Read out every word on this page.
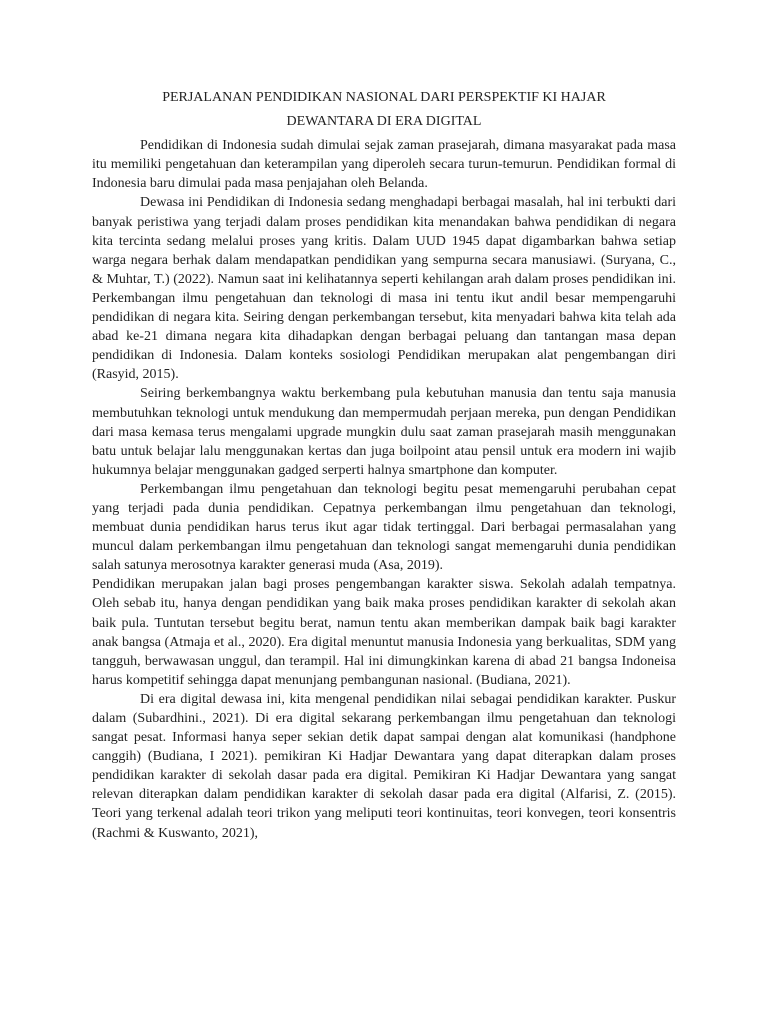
PERJALANAN PENDIDIKAN NASIONAL DARI PERSPEKTIF KI HAJAR
DEWANTARA DI ERA DIGITAL

Pendidikan di Indonesia sudah dimulai sejak zaman prasejarah, dimana masyarakat pada masa itu memiliki pengetahuan dan keterampilan yang diperoleh secara turun-temurun. Pendidikan formal di Indonesia baru dimulai pada masa penjajahan oleh Belanda.

Dewasa ini Pendidikan di Indonesia sedang menghadapi berbagai masalah, hal ini terbukti dari banyak peristiwa yang terjadi dalam proses pendidikan kita menandakan bahwa pendidikan di negara kita tercinta sedang melalui proses yang kritis. Dalam UUD 1945 dapat digambarkan bahwa setiap warga negara berhak dalam mendapatkan pendidikan yang sempurna secara manusiawi. (Suryana, C., & Muhtar, T.) (2022). Namun saat ini kelihatannya seperti kehilangan arah dalam proses pendidikan ini. Perkembangan ilmu pengetahuan dan teknologi di masa ini tentu ikut andil besar mempengaruhi pendidikan di negara kita. Seiring dengan perkembangan tersebut, kita menyadari bahwa kita telah ada abad ke-21 dimana negara kita dihadapkan dengan berbagai peluang dan tantangan masa depan pendidikan di Indonesia. Dalam konteks sosiologi Pendidikan merupakan alat pengembangan diri (Rasyid, 2015).

Seiring berkembangnya waktu berkembang pula kebutuhan manusia dan tentu saja manusia membutuhkan teknologi untuk mendukung dan mempermudah perjaan mereka, pun dengan Pendidikan dari masa kemasa terus mengalami upgrade mungkin dulu saat zaman prasejarah masih menggunakan batu untuk belajar lalu menggunakan kertas dan juga boilpoint atau pensil untuk era modern ini wajib hukumnya belajar menggunakan gadged serperti halnya smartphone dan komputer.

Perkembangan ilmu pengetahuan dan teknologi begitu pesat memengaruhi perubahan cepat yang terjadi pada dunia pendidikan. Cepatnya perkembangan ilmu pengetahuan dan teknologi, membuat dunia pendidikan harus terus ikut agar tidak tertinggal. Dari berbagai permasalahan yang muncul dalam perkembangan ilmu pengetahuan dan teknologi sangat memengaruhi dunia pendidikan salah satunya merosotnya karakter generasi muda (Asa, 2019).

Pendidikan merupakan jalan bagi proses pengembangan karakter siswa. Sekolah adalah tempatnya. Oleh sebab itu, hanya dengan pendidikan yang baik maka proses pendidikan karakter di sekolah akan baik pula. Tuntutan tersebut begitu berat, namun tentu akan memberikan dampak baik bagi karakter anak bangsa (Atmaja et al., 2020). Era digital menuntut manusia Indonesia yang berkualitas, SDM yang tangguh, berwawasan unggul, dan terampil. Hal ini dimungkinkan karena di abad 21 bangsa Indoneisa harus kompetitif sehingga dapat menunjang pembangunan nasional. (Budiana, 2021).

Di era digital dewasa ini, kita mengenal pendidikan nilai sebagai pendidikan karakter. Puskur dalam (Subardhini., 2021). Di era digital sekarang perkembangan ilmu pengetahuan dan teknologi sangat pesat. Informasi hanya seper sekian detik dapat sampai dengan alat komunikasi (handphone canggih) (Budiana, I 2021). pemikiran Ki Hadjar Dewantara yang dapat diterapkan dalam proses pendidikan karakter di sekolah dasar pada era digital. Pemikiran Ki Hadjar Dewantara yang sangat relevan diterapkan dalam pendidikan karakter di sekolah dasar pada era digital (Alfarisi, Z. (2015). Teori yang terkenal adalah teori trikon yang meliputi teori kontinuitas, teori konvegen, teori konsentris (Rachmi & Kuswanto, 2021),
